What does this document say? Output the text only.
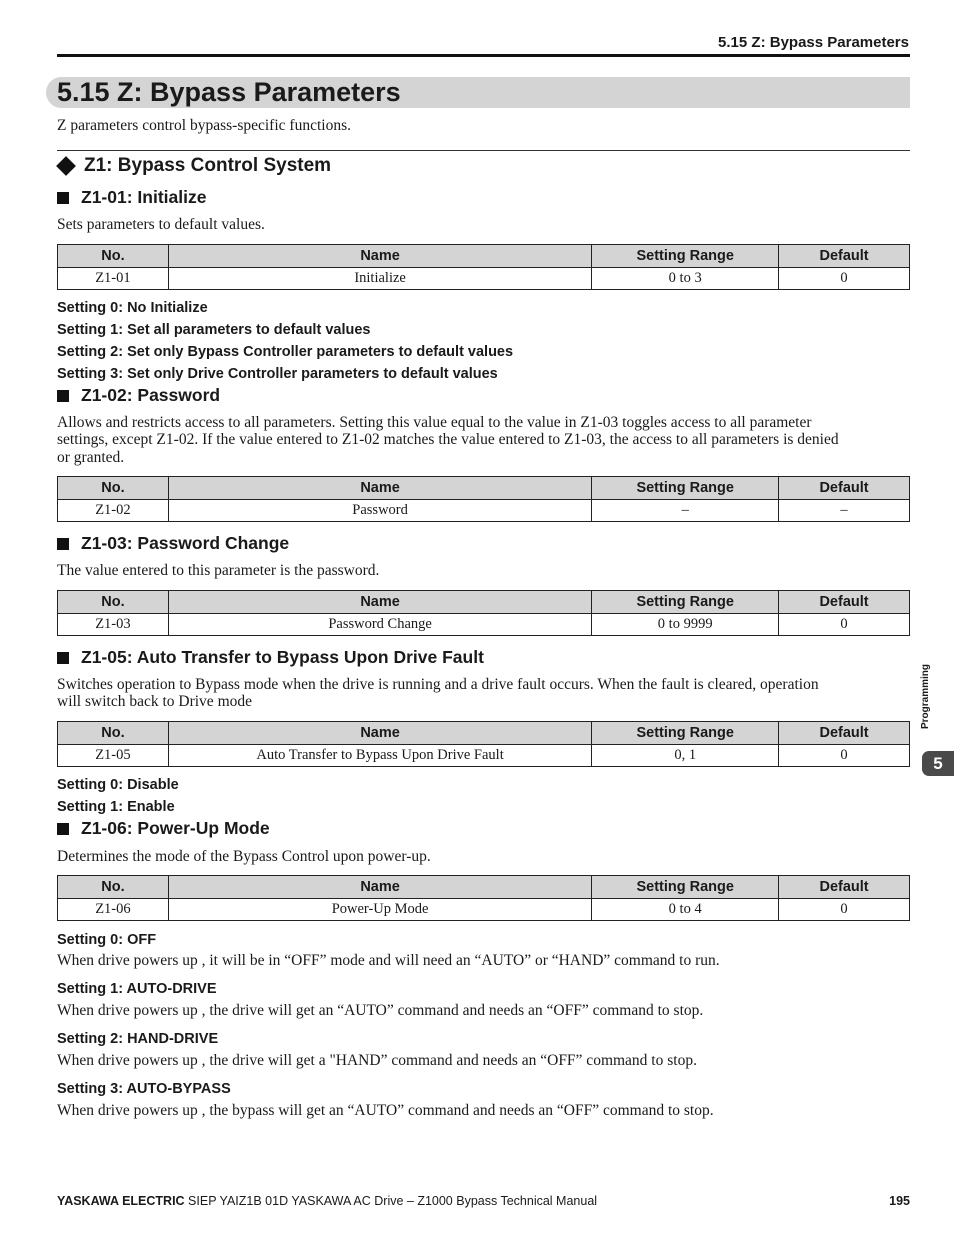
5.15 Z: Bypass Parameters
5.15 Z: Bypass Parameters
Z parameters control bypass-specific functions.
Z1: Bypass Control System
Z1-01: Initialize
Sets parameters to default values.
No.	Name	Setting Range	Default
Z1-01	Initialize	0 to 3	0
Setting 0: No Initialize
Setting 1: Set all parameters to default values
Setting 2: Set only Bypass Controller parameters to default values
Setting 3: Set only Drive Controller parameters to default values
Z1-02: Password
Allows and restricts access to all parameters. Setting this value equal to the value in Z1-03 toggles access to all parameter
settings, except Z1-02. If the value entered to Z1-02 matches the value entered to Z1-03, the access to all parameters is denied
or granted.
No.	Name	Setting Range	Default
Z1-02	Password	–	–
Z1-03: Password Change
The value entered to this parameter is the password.
No.	Name	Setting Range	Default
Z1-03	Password Change	0 to 9999	0
Z1-05: Auto Transfer to Bypass Upon Drive Fault
Switches operation to Bypass mode when the drive is running and a drive fault occurs. When the fault is cleared, operation
will switch back to Drive mode
No.	Name	Setting Range	Default
Z1-05	Auto Transfer to Bypass Upon Drive Fault	0, 1	0
Setting 0: Disable
Setting 1: Enable
Z1-06: Power-Up Mode
Determines the mode of the Bypass Control upon power-up.
No.	Name	Setting Range	Default
Z1-06	Power-Up Mode	0 to 4	0
Setting 0: OFF
When drive powers up , it will be in “OFF” mode and will need an “AUTO” or “HAND” command to run.
Setting 1: AUTO-DRIVE
When drive powers up , the drive will get an “AUTO” command and needs an “OFF” command to stop.
Setting 2: HAND-DRIVE
When drive powers up , the drive will get a "HAND” command and needs an “OFF” command to stop.
Setting 3: AUTO-BYPASS
When drive powers up , the bypass will get an “AUTO” command and needs an “OFF” command to stop.
Programming
5
YASKAWA ELECTRIC SIEP YAIZ1B 01D YASKAWA AC Drive – Z1000 Bypass Technical Manual	195
